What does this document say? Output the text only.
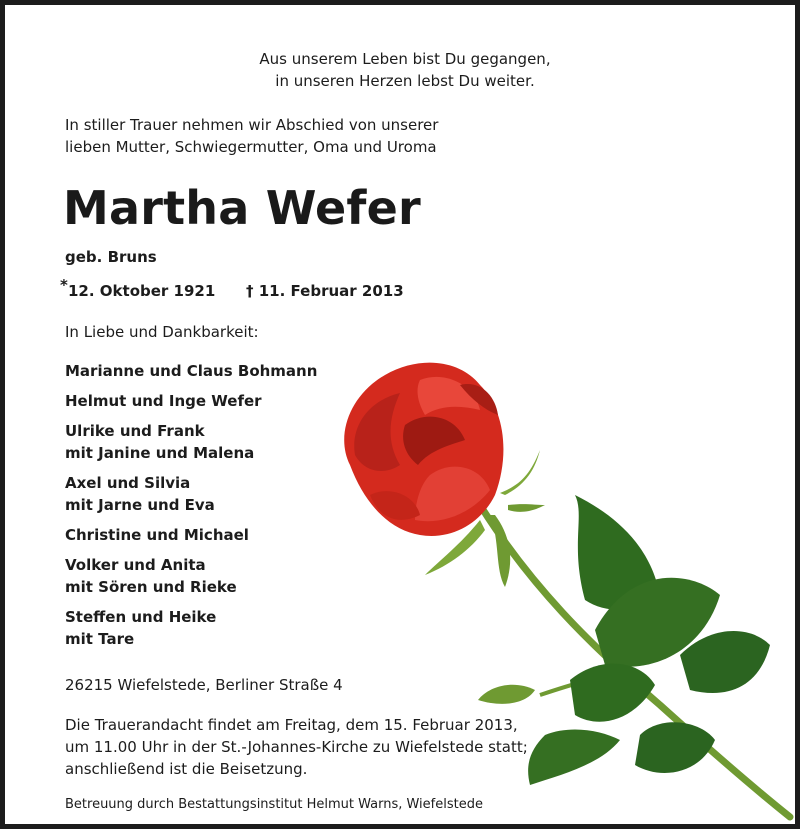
Aus unserem Leben bist Du gegangen,
in unseren Herzen lebst Du weiter.
In stiller Trauer nehmen wir Abschied von unserer
lieben Mutter, Schwiegermutter, Oma und Uroma
Martha Wefer
geb. Bruns
* 12. Oktober 1921 † 11. Februar 2013
In Liebe und Dankbarkeit:
Marianne und Claus Bohmann
Helmut und Inge Wefer
Ulrike und Frank
mit Janine und Malena
Axel und Silvia
mit Jarne und Eva
Christine und Michael
Volker und Anita
mit Sören und Rieke
Steffen und Heike
mit Tare
26215 Wiefelstede, Berliner Straße 4
Die Trauerandacht findet am Freitag, dem 15. Februar 2013,
um 11.00 Uhr in der St.-Johannes-Kirche zu Wiefelstede statt;
anschließend ist die Beisetzung.
Betreuung durch Bestattungsinstitut Helmut Warns, Wiefelstede
